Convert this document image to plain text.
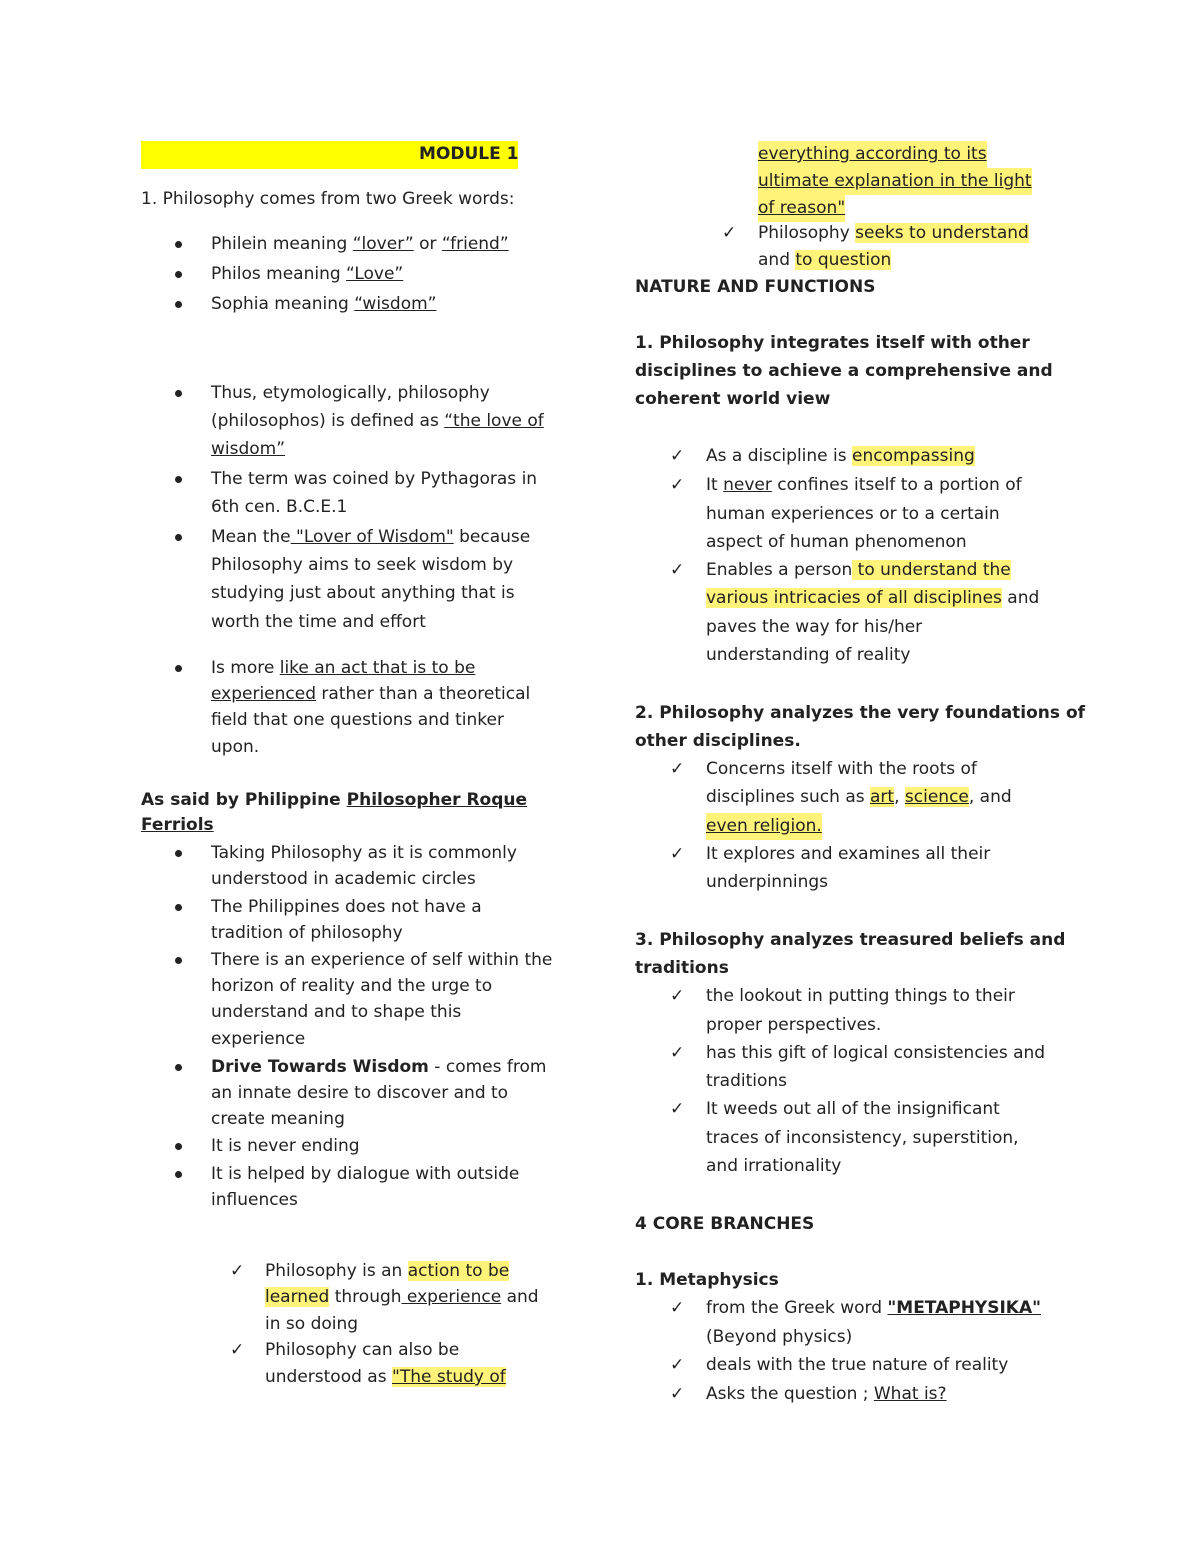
MODULE 1
1. Philosophy comes from two Greek words:
Philein meaning “lover” or “friend”
Philos meaning “Love”
Sophia meaning “wisdom”
Thus, etymologically, philosophy
(philosophos) is defined as “the love of
wisdom”
The term was coined by Pythagoras in
6th cen. B.C.E.1
Mean the "Lover of Wisdom" because
Philosophy aims to seek wisdom by
studying just about anything that is
worth the time and effort
Is more like an act that is to be
experienced rather than a theoretical
field that one questions and tinker
upon.
As said by Philippine Philosopher Roque
Ferriols
Taking Philosophy as it is commonly
understood in academic circles
The Philippines does not have a
tradition of philosophy
There is an experience of self within the
horizon of reality and the urge to
understand and to shape this
experience
Drive Towards Wisdom - comes from
an innate desire to discover and to
create meaning
It is never ending
It is helped by dialogue with outside
influences
✓ Philosophy is an action to be
learned through experience and
in so doing
✓ Philosophy can also be
understood as "The study of
everything according to its
ultimate explanation in the light
of reason"
✓ Philosophy seeks to understand
and to question
NATURE AND FUNCTIONS
1. Philosophy integrates itself with other
disciplines to achieve a comprehensive and
coherent world view
✓ As a discipline is encompassing
✓ It never confines itself to a portion of
human experiences or to a certain
aspect of human phenomenon
✓ Enables a person to understand the
various intricacies of all disciplines and
paves the way for his/her
understanding of reality
2. Philosophy analyzes the very foundations of
other disciplines.
✓ Concerns itself with the roots of
disciplines such as art, science, and
even religion.
✓ It explores and examines all their
underpinnings
3. Philosophy analyzes treasured beliefs and
traditions
✓ the lookout in putting things to their
proper perspectives.
✓ has this gift of logical consistencies and
traditions
✓ It weeds out all of the insignificant
traces of inconsistency, superstition,
and irrationality
4 CORE BRANCHES
1. Metaphysics
✓ from the Greek word "METAPHYSIKA"
(Beyond physics)
✓ deals with the true nature of reality
✓ Asks the question ; What is?
